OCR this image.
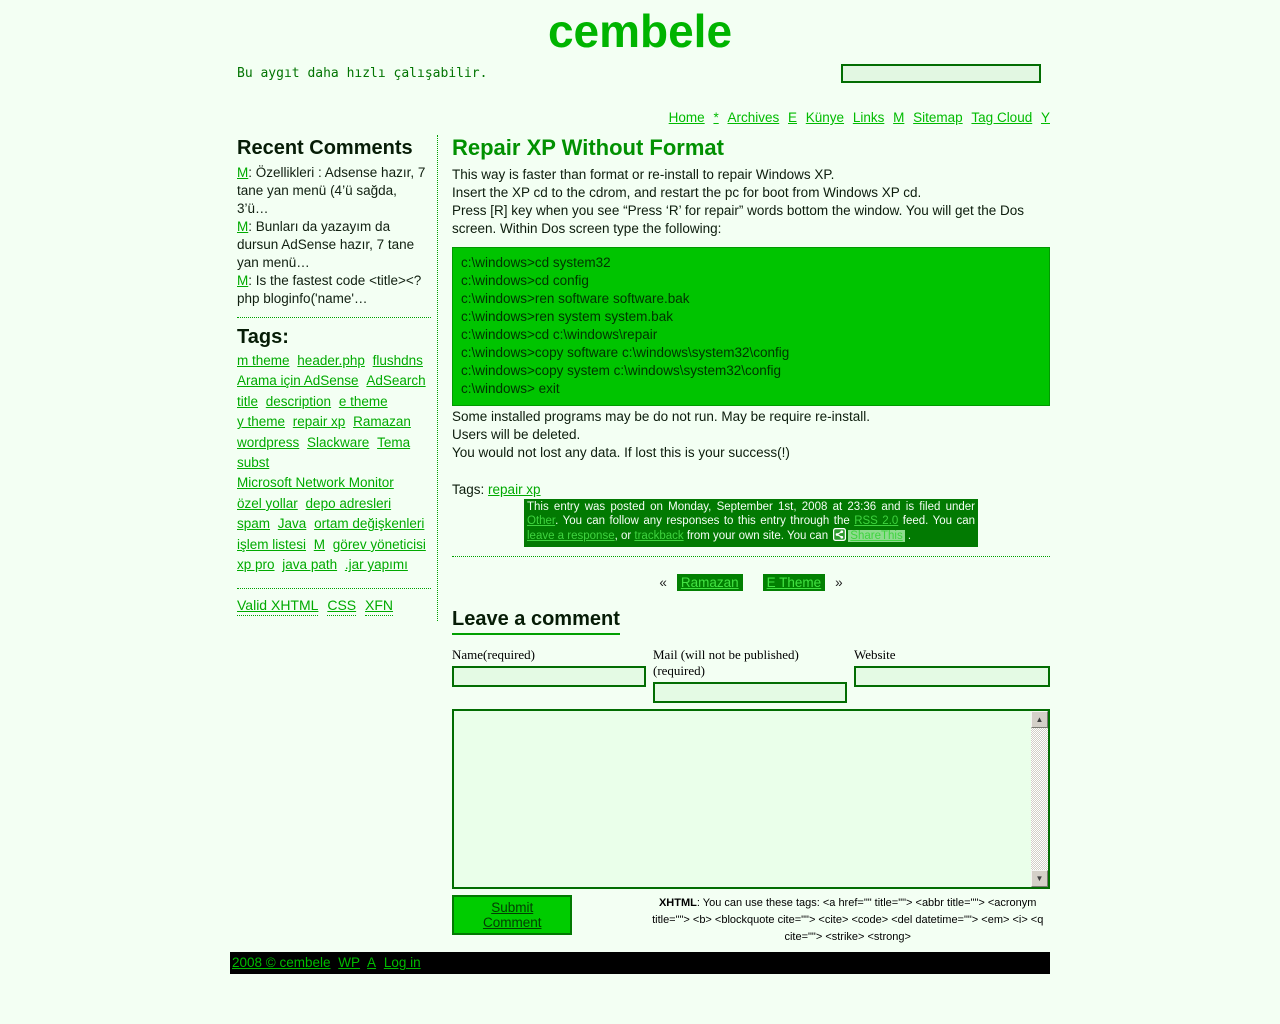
cembele
Bu aygıt daha hızlı çalışabilir.
Home * Archives E Künye Links M Sitemap Tag Cloud Y
Recent Comments
M: Özellikleri : Adsense hazır, 7 tane yan menü (4’ü sağda, 3’ü…
M: Bunları da yazayım da dursun AdSense hazır, 7 tane yan menü…
M: Is the fastest code <title><? php bloginfo('name'…
Tags:
m theme header.php flushdns Arama için AdSense AdSearch title description e theme y theme repair xp Ramazan wordpress Slackware Tema subst Microsoft Network Monitor özel yollar depo adresleri spam Java ortam değişkenleri işlem listesi M görev yöneticisi xp pro java path .jar yapımı
Valid XHTML CSS XFN
Repair XP Without Format
This way is faster than format or re-install to repair Windows XP.
Insert the XP cd to the cdrom, and restart the pc for boot from Windows XP cd.
Press [R] key when you see “Press ‘R’ for repair” words bottom the window. You will get the Dos screen. Within Dos screen type the following:
c:\windows>cd system32
c:\windows>cd config
c:\windows>ren software software.bak
c:\windows>ren system system.bak
c:\windows>cd c:\windows\repair
c:\windows>copy software c:\windows\system32\config
c:\windows>copy system c:\windows\system32\config
c:\windows> exit
Some installed programs may be do not run. May be require re-install.
Users will be deleted.
You would not lost any data. If lost this is your success(!)
Tags: repair xp
This entry was posted on Monday, September 1st, 2008 at 23:36 and is filed under Other. You can follow any responses to this entry through the RSS 2.0 feed. You can leave a response, or trackback from your own site. You can ShareThis .
« Ramazan E Theme »
Leave a comment
Name(required)	Mail (will not be published)(required)
Website
▲
▼
Submit Comment
XHTML: You can use these tags: <a href="" title=""> <abbr title=""> <acronym title=""> <b> <blockquote cite=""> <cite> <code> <del datetime=""> <em> <i> <q cite=""> <strike> <strong>
2008 © cembele WP A Log in
